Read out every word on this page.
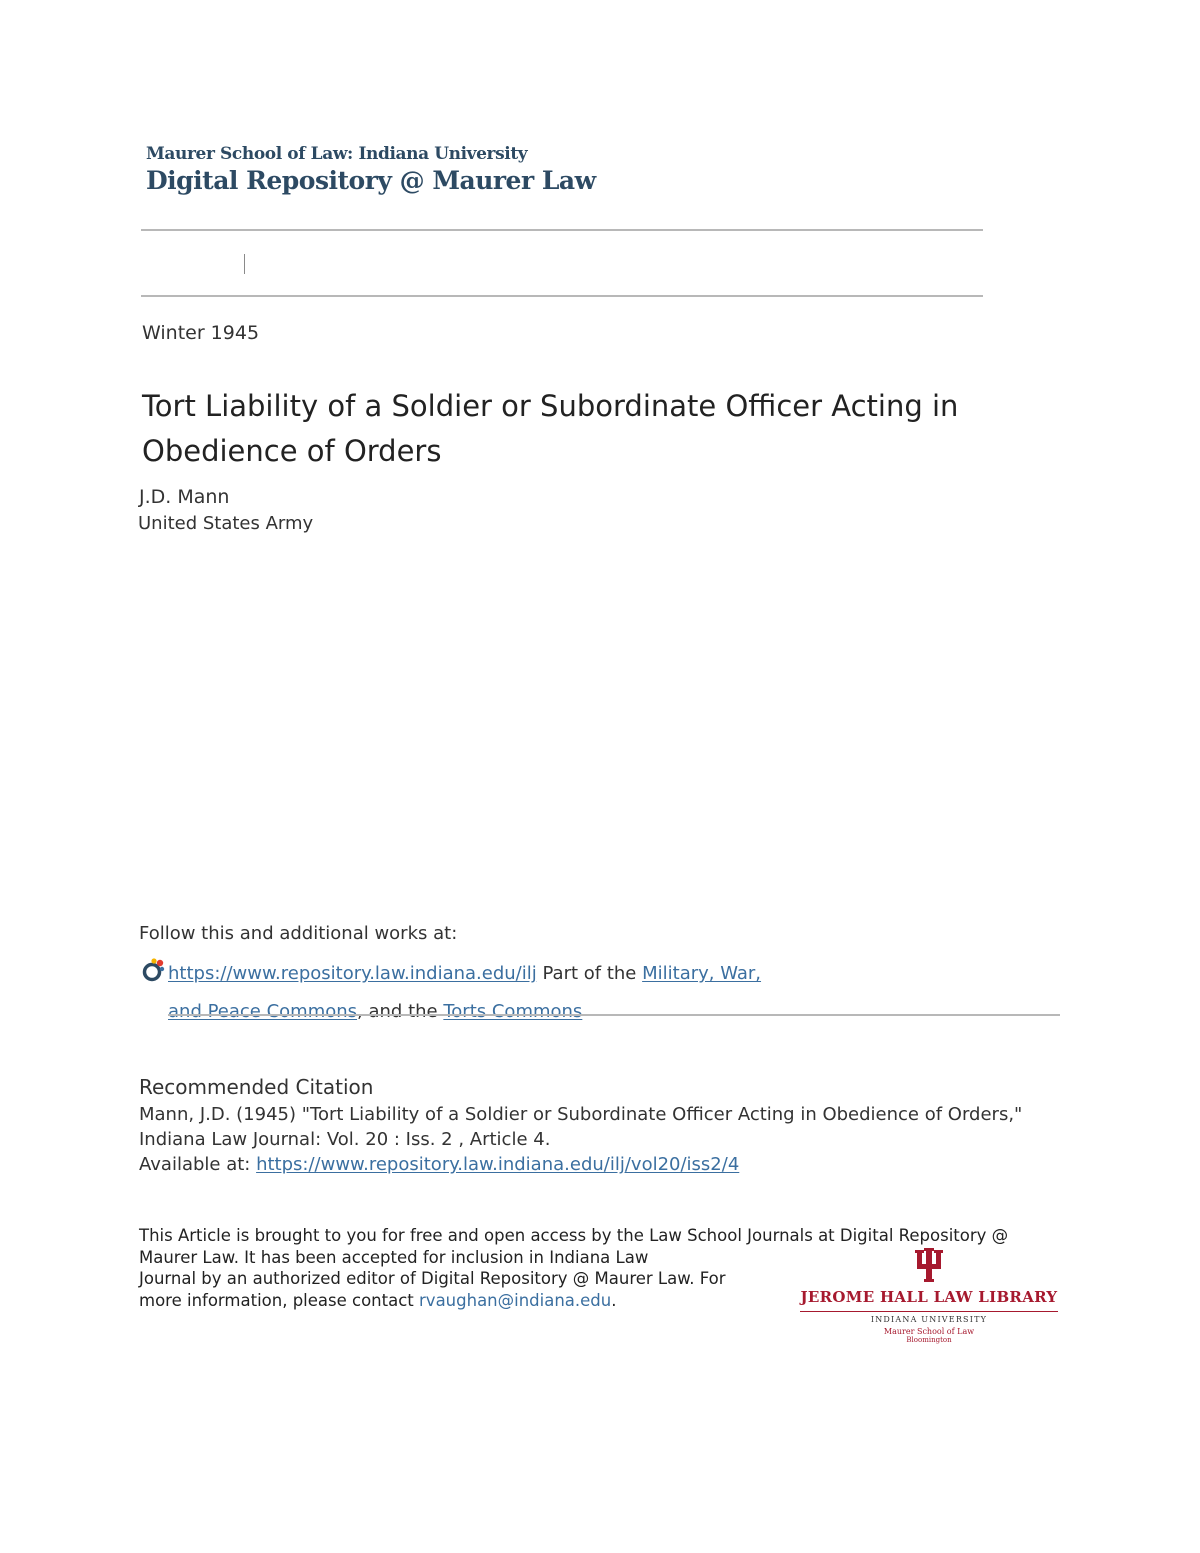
Maurer School of Law: Indiana University
Digital Repository @ Maurer Law
Winter 1945
Tort Liability of a Soldier or Subordinate Officer Acting in Obedience of Orders
J.D. Mann
United States Army
Follow this and additional works at:
https://www.repository.law.indiana.edu/ilj Part of the Military, War,
and Peace Commons, and the Torts Commons
Recommended Citation
Mann, J.D. (1945) "Tort Liability of a Soldier or Subordinate Officer Acting in Obedience of Orders," Indiana Law Journal: Vol. 20 : Iss. 2 , Article 4.
Available at: https://www.repository.law.indiana.edu/ilj/vol20/iss2/4
This Article is brought to you for free and open access by the Law School Journals at Digital Repository @
Maurer Law. It has been accepted for inclusion in Indiana Law
Journal by an authorized editor of Digital Repository @ Maurer Law. For
more information, please contact rvaughan@indiana.edu.	JEROME HALL LAW LIBRARY
INDIANA UNIVERSITY
Maurer School of Law
Bloomington
